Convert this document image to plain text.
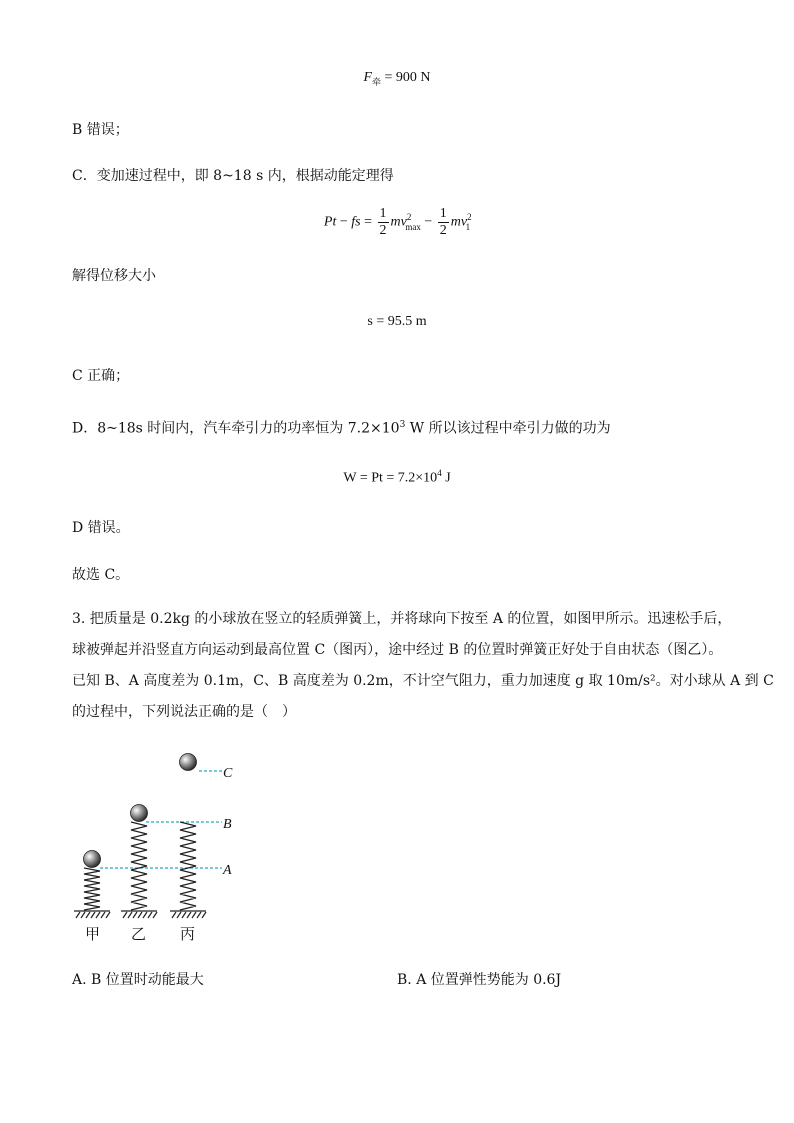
$F_牵 = 900$ N
B 错误；
C．变加速过程中，即 8~18 s 内，根据动能定理得
Pt − fs = $\frac{1}{2} mv^2_{max} - \frac{1}{2} mv^2_1$
解得位移大小
s = 95.5 m
C 正确；
D．8~18s 时间内，汽车牵引力的功率恒为 $7.2\times 10^3$ W 所以该过程中牵引力做的功为
$W = Pt = 7.2\times 10^4$ J
D 错误。
故选 C。
3. 把质量是 0.2kg 的小球放在竖立的轻质弹簧上，并将球向下按至 A 的位置，如图甲所示。迅速松手后，
球被弹起并沿竖直方向运动到最高位置 C（图丙），途中经过 B 的位置时弹簧正好处于自由状态（图乙）。
已知 B、A 高度差为 0.1m，C、B 高度差为 0.2m，不计空气阻力，重力加速度 g 取 10m/s²。对小球从 A 到 C
的过程中，下列说法正确的是（　）
C
B
A
甲 乙 丙
A. B 位置时动能最大	B. A 位置弹性势能为 0.6J
